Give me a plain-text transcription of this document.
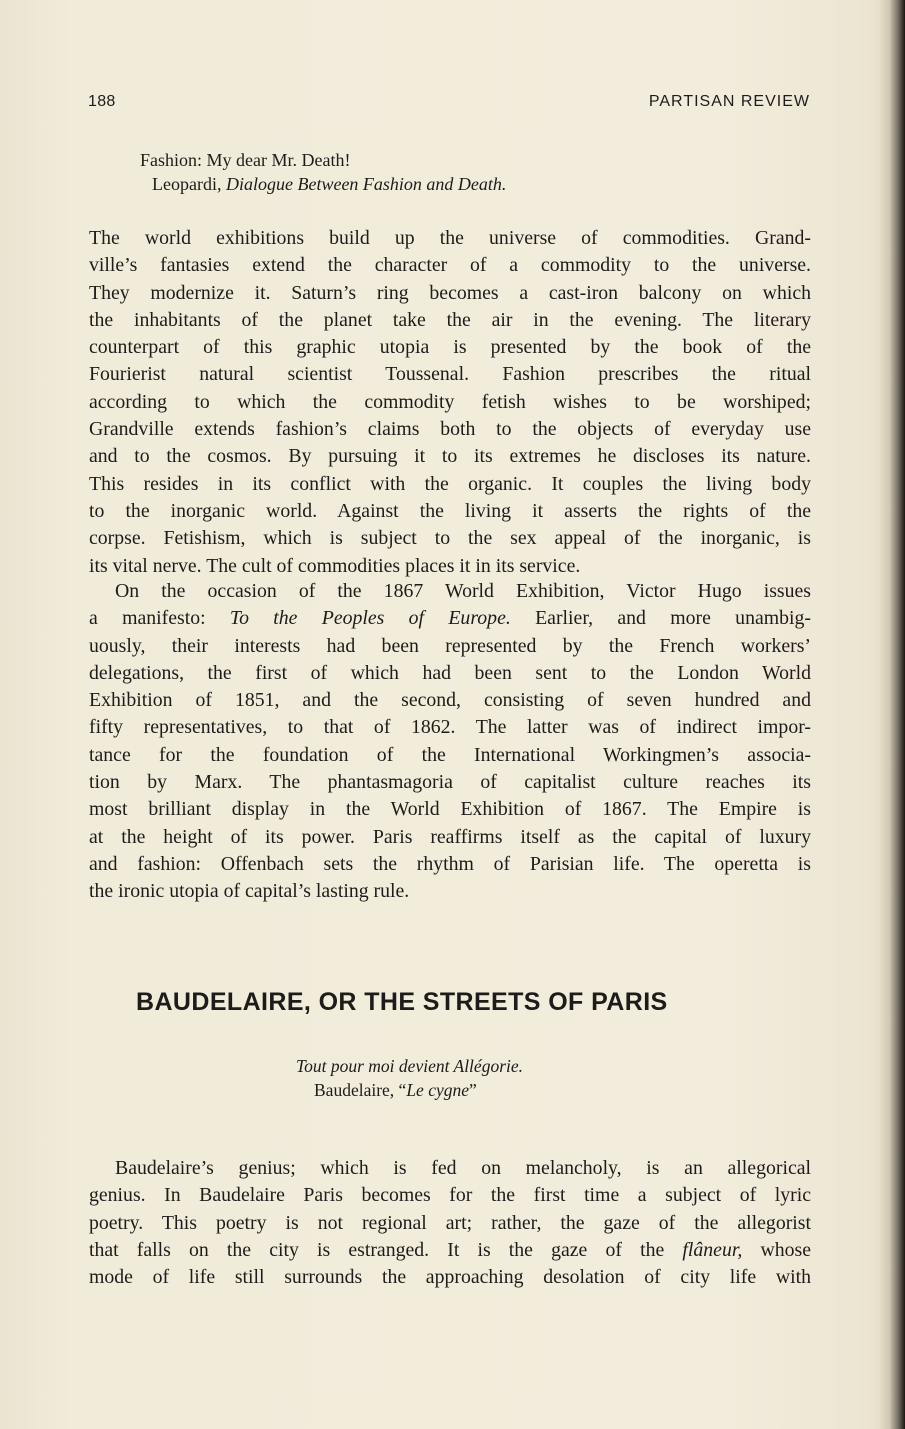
188	PARTISAN REVIEW
Fashion: My dear Mr. Death!
Leopardi, Dialogue Between Fashion and Death.
The world exhibitions build up the universe of commodities. Grand-
ville’s fantasies extend the character of a commodity to the universe.
They modernize it. Saturn’s ring becomes a cast-iron balcony on which
the inhabitants of the planet take the air in the evening. The literary
counterpart of this graphic utopia is presented by the book of the
Fourierist natural scientist Toussenal. Fashion prescribes the ritual
according to which the commodity fetish wishes to be worshiped;
Grandville extends fashion’s claims both to the objects of everyday use
and to the cosmos. By pursuing it to its extremes he discloses its nature.
This resides in its conflict with the organic. It couples the living body
to the inorganic world. Against the living it asserts the rights of the
corpse. Fetishism, which is subject to the sex appeal of the inorganic, is
its vital nerve. The cult of commodities places it in its service.
On the occasion of the 1867 World Exhibition, Victor Hugo issues
a manifesto: To the Peoples of Europe. Earlier, and more unambig-
uously, their interests had been represented by the French workers’
delegations, the first of which had been sent to the London World
Exhibition of 1851, and the second, consisting of seven hundred and
fifty representatives, to that of 1862. The latter was of indirect impor-
tance for the foundation of the International Workingmen’s associa-
tion by Marx. The phantasmagoria of capitalist culture reaches its
most brilliant display in the World Exhibition of 1867. The Empire is
at the height of its power. Paris reaffirms itself as the capital of luxury
and fashion: Offenbach sets the rhythm of Parisian life. The operetta is
the ironic utopia of capital’s lasting rule.
BAUDELAIRE, OR THE STREETS OF PARIS
Tout pour moi devient Allégorie.
Baudelaire, “Le cygne”
Baudelaire’s genius; which is fed on melancholy, is an allegorical
genius. In Baudelaire Paris becomes for the first time a subject of lyric
poetry. This poetry is not regional art; rather, the gaze of the allegorist
that falls on the city is estranged. It is the gaze of the flâneur, whose
mode of life still surrounds the approaching desolation of city life with
